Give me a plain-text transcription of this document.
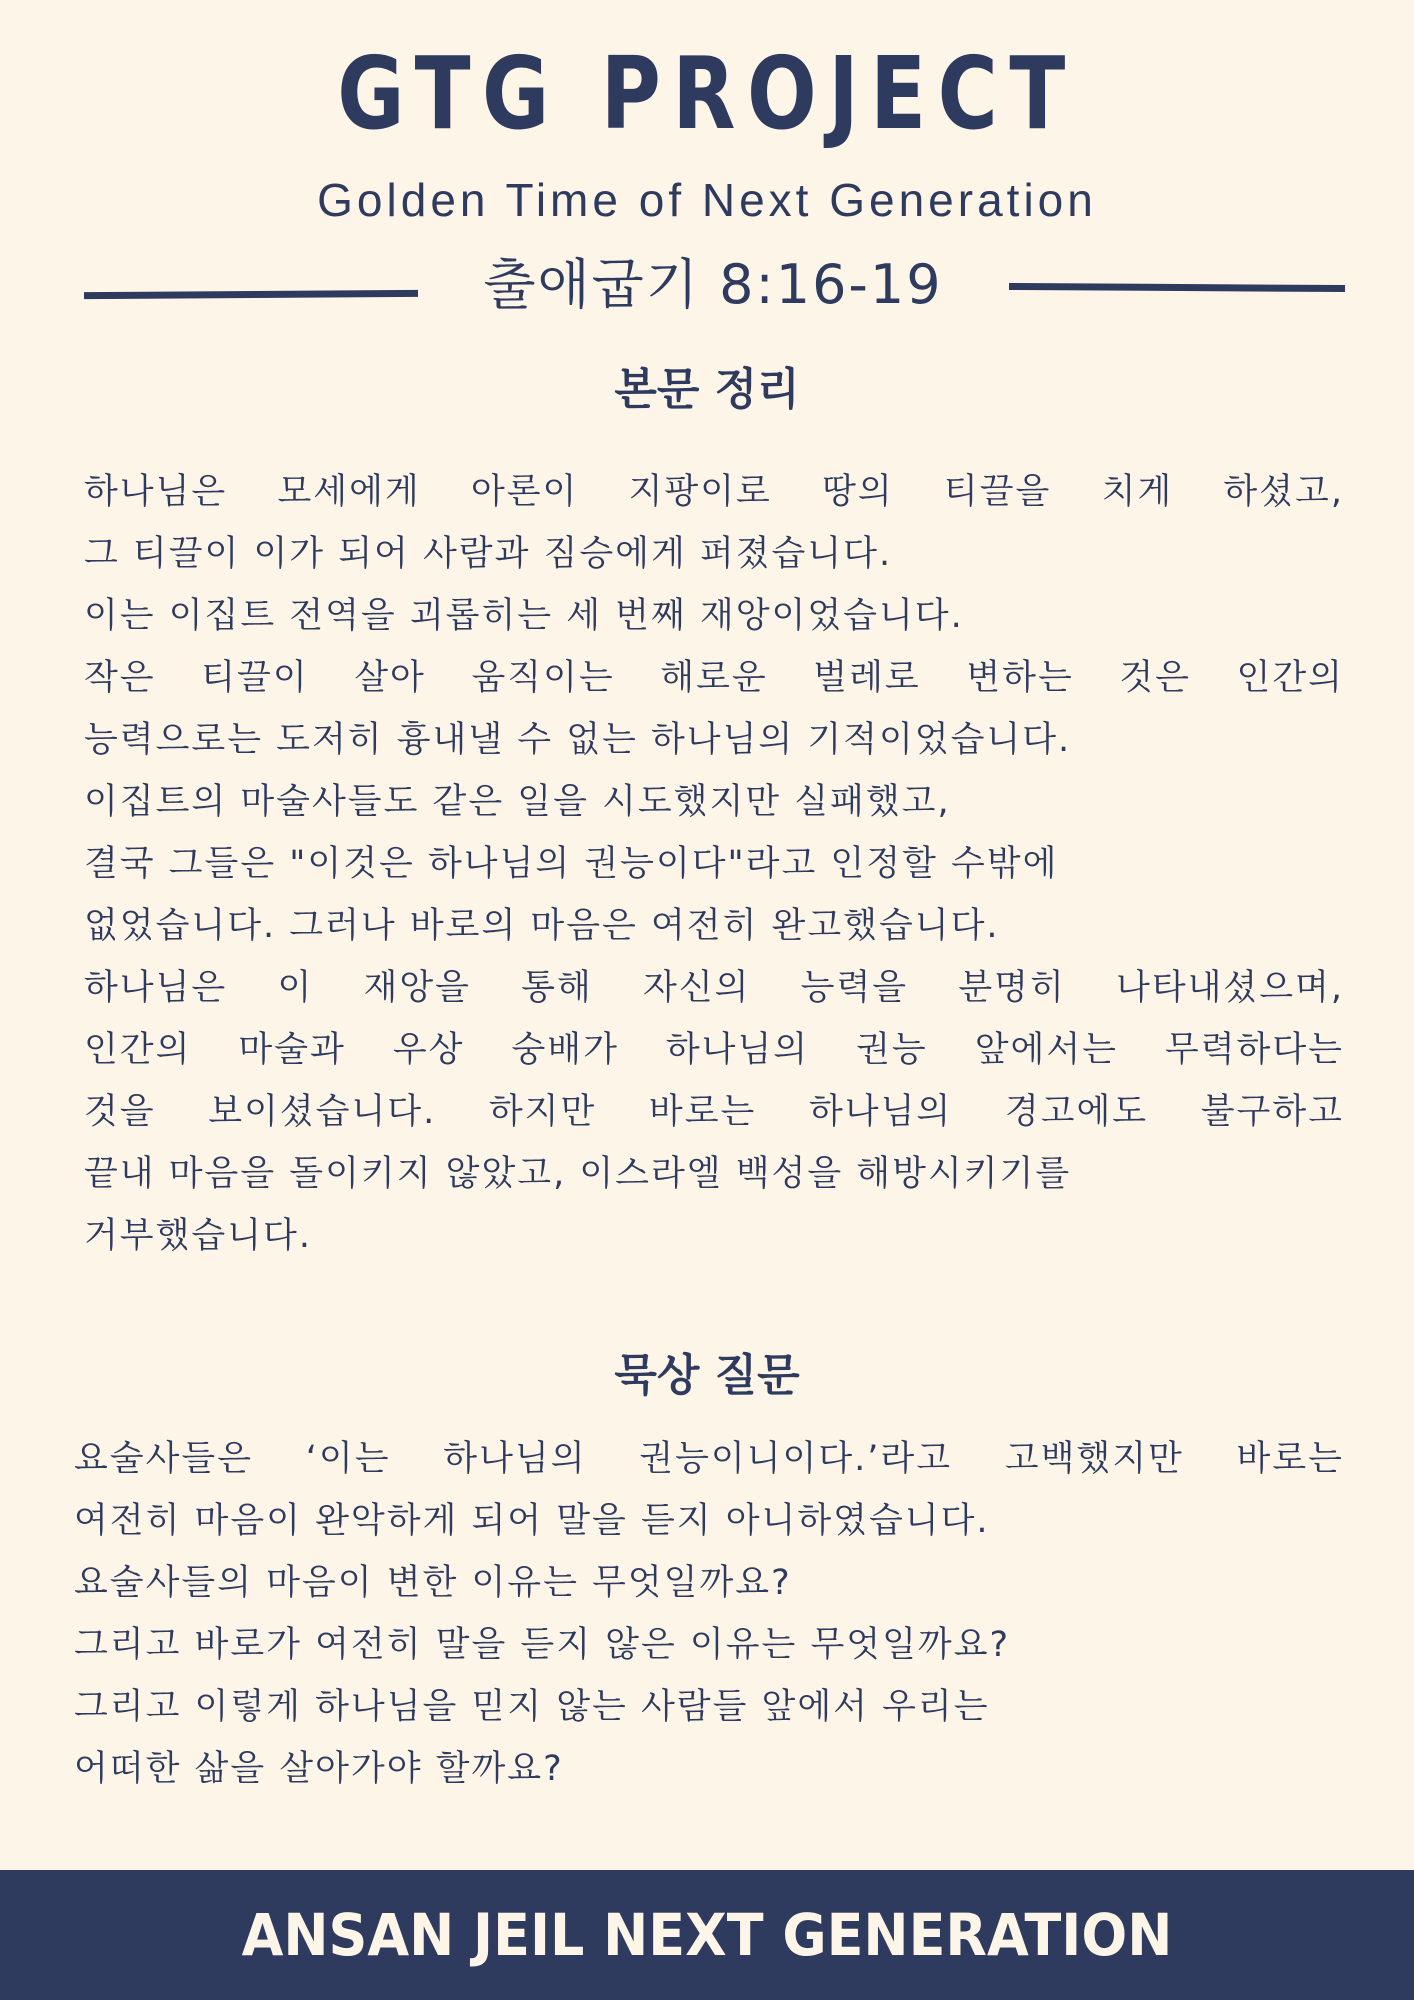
GTG PROJECT
Golden Time of Next Generation
출애굽기 8:16-19
본문 정리
하나님은 모세에게 아론이 지팡이로 땅의 티끌을 치게 하셨고,
그 티끌이 이가 되어 사람과 짐승에게 퍼졌습니다.
이는 이집트 전역을 괴롭히는 세 번째 재앙이었습니다.
작은 티끌이 살아 움직이는 해로운 벌레로 변하는 것은 인간의
능력으로는 도저히 흉내낼 수 없는 하나님의 기적이었습니다.
이집트의 마술사들도 같은 일을 시도했지만 실패했고,
결국 그들은 "이것은 하나님의 권능이다"라고 인정할 수밖에
없었습니다. 그러나 바로의 마음은 여전히 완고했습니다.
하나님은 이 재앙을 통해 자신의 능력을 분명히 나타내셨으며,
인간의 마술과 우상 숭배가 하나님의 권능 앞에서는 무력하다는
것을 보이셨습니다. 하지만 바로는 하나님의 경고에도 불구하고
끝내 마음을 돌이키지 않았고, 이스라엘 백성을 해방시키기를
거부했습니다.
묵상 질문
요술사들은 ‘이는 하나님의 권능이니이다.’라고 고백했지만 바로는
여전히 마음이 완악하게 되어 말을 듣지 아니하였습니다.
요술사들의 마음이 변한 이유는 무엇일까요?
그리고 바로가 여전히 말을 듣지 않은 이유는 무엇일까요?
그리고 이렇게 하나님을 믿지 않는 사람들 앞에서 우리는
어떠한 삶을 살아가야 할까요?
ANSAN JEIL NEXT GENERATION
